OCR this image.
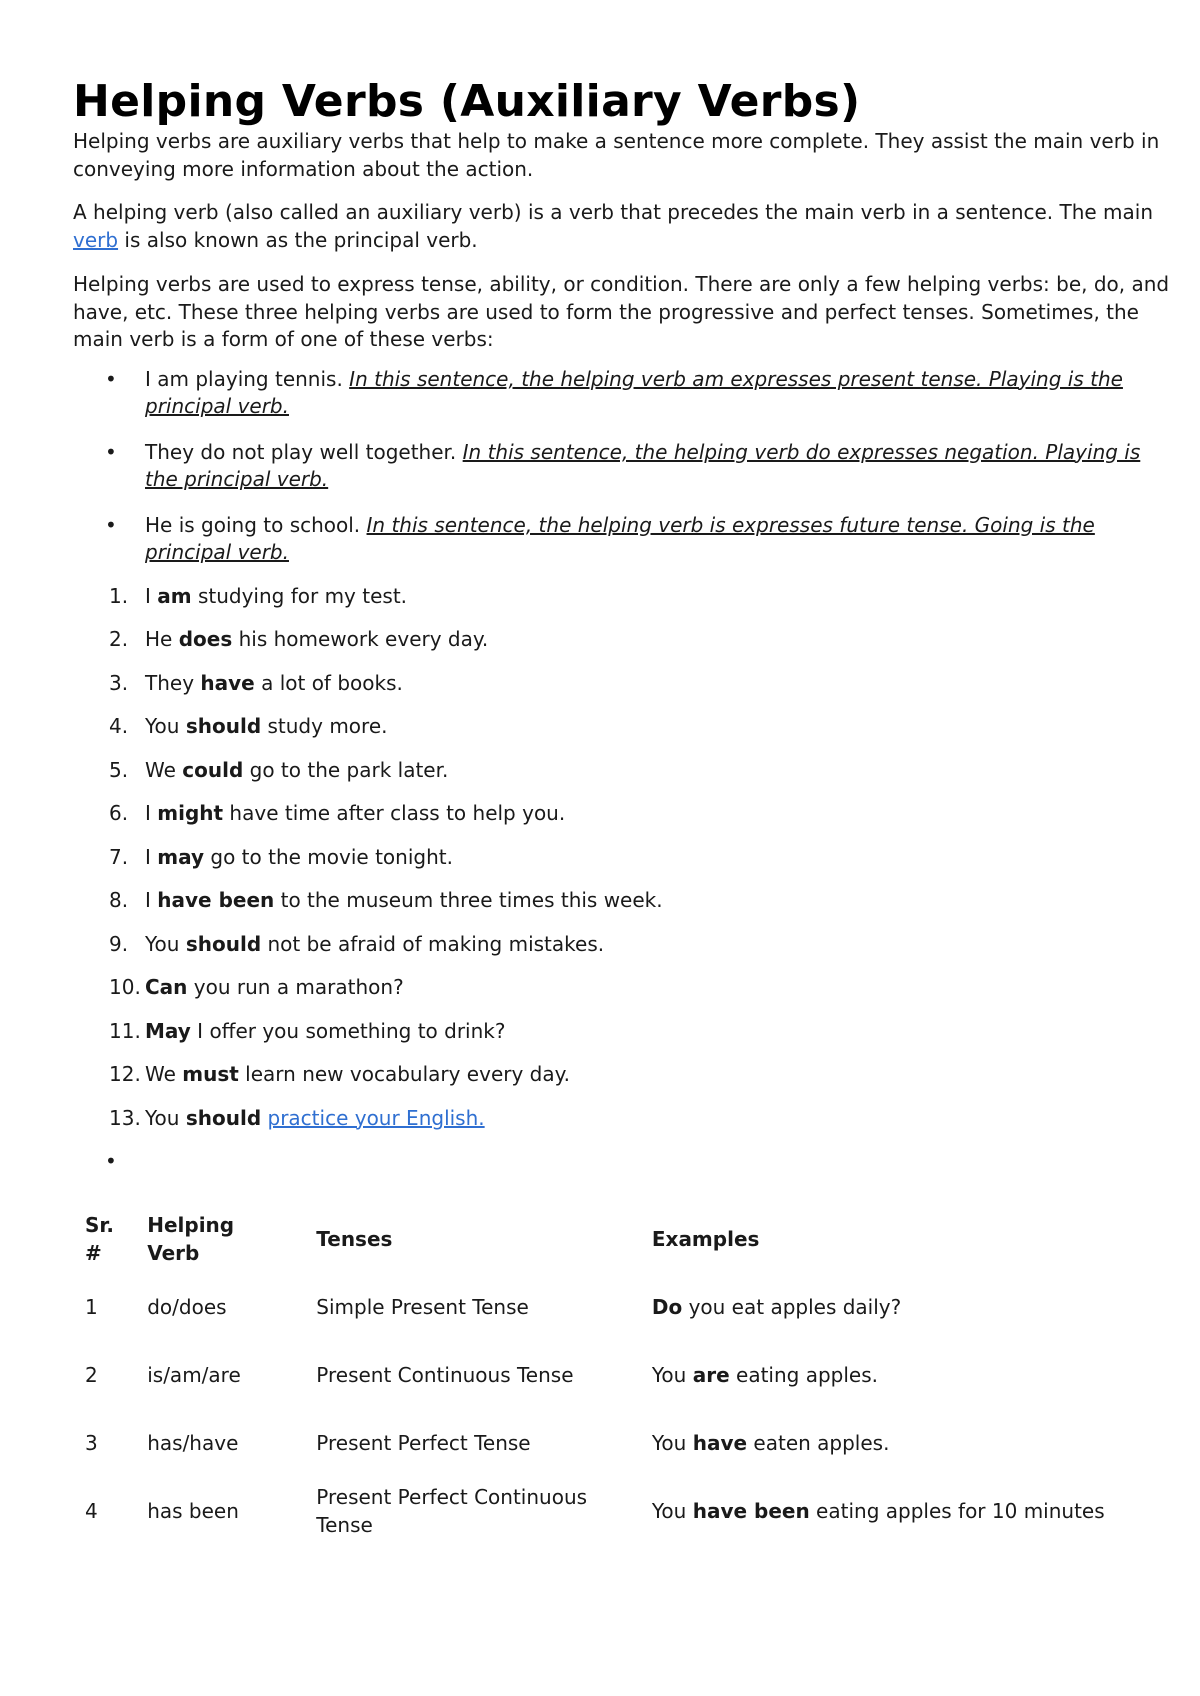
Helping Verbs (Auxiliary Verbs)

Helping verbs are auxiliary verbs that help to make a sentence more complete. They assist the main verb in conveying more information about the action.

A helping verb (also called an auxiliary verb) is a verb that precedes the main verb in a sentence. The main verb is also known as the principal verb.

Helping verbs are used to express tense, ability, or condition. There are only a few helping verbs: be, do, and have, etc. These three helping verbs are used to form the progressive and perfect tenses. Sometimes, the main verb is a form of one of these verbs:

• I am playing tennis. In this sentence, the helping verb am expresses present tense. Playing is the principal verb.
• They do not play well together. In this sentence, the helping verb do expresses negation. Playing is the principal verb.
• He is going to school. In this sentence, the helping verb is expresses future tense. Going is the principal verb.
1. I am studying for my test.
2. He does his homework every day.
3. They have a lot of books.
4. You should study more.
5. We could go to the park later.
6. I might have time after class to help you.
7. I may go to the movie tonight.
8. I have been to the museum three times this week.
9. You should not be afraid of making mistakes.
10. Can you run a marathon?
11. May I offer you something to drink?
12. We must learn new vocabulary every day.
13. You should practice your English.
•
Sr. #	Helping Verb	Tenses	Examples
1	do/does	Simple Present Tense	Do you eat apples daily?
2	is/am/are	Present Continuous Tense	You are eating apples.
3	has/have	Present Perfect Tense	You have eaten apples.
4	has been	Present Perfect Continuous Tense	You have been eating apples for 10 minutes
